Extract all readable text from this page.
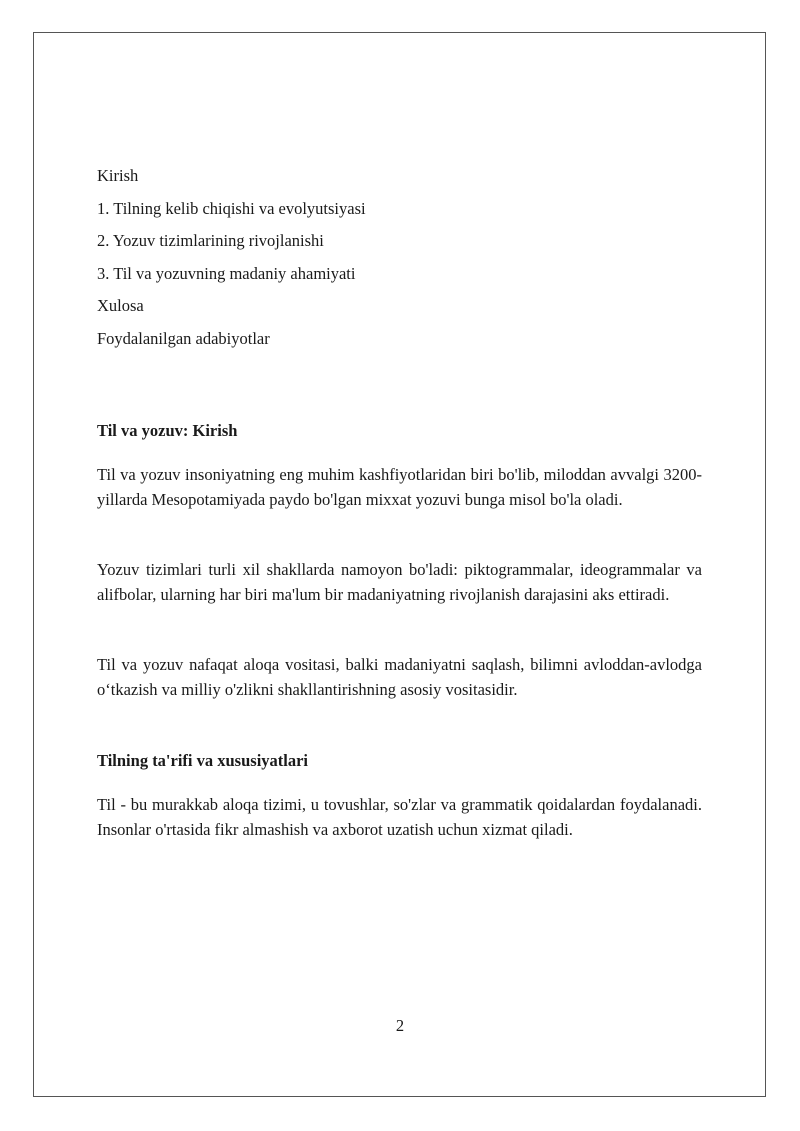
Kirish
1. Tilning kelib chiqishi va evolyutsiyasi
2. Yozuv tizimlarining rivojlanishi
3. Til va yozuvning madaniy ahamiyati
Xulosa
Foydalanilgan adabiyotlar

Til va yozuv: Kirish

Til va yozuv insoniyatning eng muhim kashfiyotlaridan biri bo'lib, miloddan avvalgi 3200-yillarda Mesopotamiyada paydo bo'lgan mixxat yozuvi bunga misol bo'la oladi.

Yozuv tizimlari turli xil shakllarda namoyon bo'ladi: piktogrammalar, ideogrammalar va alifbolar, ularning har biri ma'lum bir madaniyatning rivojlanish darajasini aks ettiradi.

Til va yozuv nafaqat aloqa vositasi, balki madaniyatni saqlash, bilimni avloddan-avlodga oʻtkazish va milliy o'zlikni shakllantirishning asosiy vositasidir.

Tilning ta'rifi va xususiyatlari

Til - bu murakkab aloqa tizimi, u tovushlar, so'zlar va grammatik qoidalardan foydalanadi. Insonlar o'rtasida fikr almashish va axborot uzatish uchun xizmat qiladi.

2
